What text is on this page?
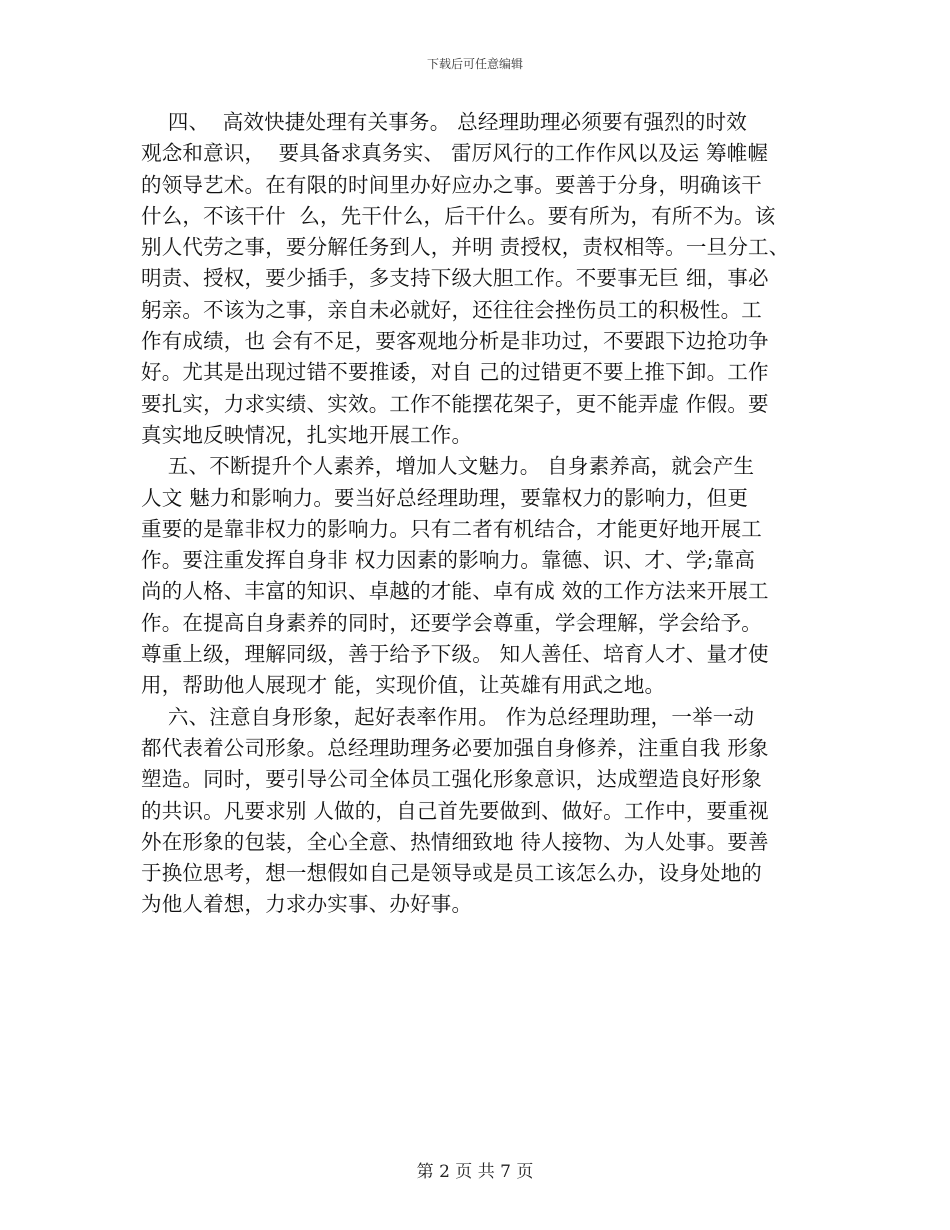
下载后可任意编辑
四、  高效快捷处理有关事务。 总经理助理必须要有强烈的时效
观念和意识，  要具备求真务实、 雷厉风行的工作作风以及运 筹帷幄
的领导艺术。在有限的时间里办好应办之事。要善于分身，明确该干
什么，不该干什  么，先干什么，后干什么。要有所为，有所不为。该
别人代劳之事，要分解任务到人，并明 责授权，责权相等。一旦分工、
明责、授权，要少插手，多支持下级大胆工作。不要事无巨 细，事必
躬亲。不该为之事，亲自未必就好，还往往会挫伤员工的积极性。工
作有成绩，也 会有不足，要客观地分析是非功过，不要跟下边抢功争
好。尤其是出现过错不要推诿，对自 己的过错更不要上推下卸。工作
要扎实，力求实绩、实效。工作不能摆花架子，更不能弄虚 作假。要
真实地反映情况，扎实地开展工作。
五、不断提升个人素养，增加人文魅力。 自身素养高，就会产生
人文 魅力和影响力。要当好总经理助理，要靠权力的影响力，但更
重要的是靠非权力的影响力。只有二者有机结合，才能更好地开展工
作。要注重发挥自身非 权力因素的影响力。靠德、识、才、学;靠高
尚的人格、丰富的知识、卓越的才能、卓有成 效的工作方法来开展工
作。在提高自身素养的同时，还要学会尊重，学会理解，学会给予。
尊重上级，理解同级，善于给予下级。 知人善任、培育人才、量才使
用，帮助他人展现才 能，实现价值，让英雄有用武之地。
六、注意自身形象，起好表率作用。 作为总经理助理，一举一动
都代表着公司形象。总经理助理务必要加强自身修养，注重自我 形象
塑造。同时，要引导公司全体员工强化形象意识，达成塑造良好形象
的共识。凡要求别 人做的，自己首先要做到、做好。工作中，要重视
外在形象的包装，全心全意、热情细致地 待人接物、为人处事。要善
于换位思考，想一想假如自己是领导或是员工该怎么办，设身处地的
为他人着想，力求办实事、办好事。
第 2 页 共 7 页
